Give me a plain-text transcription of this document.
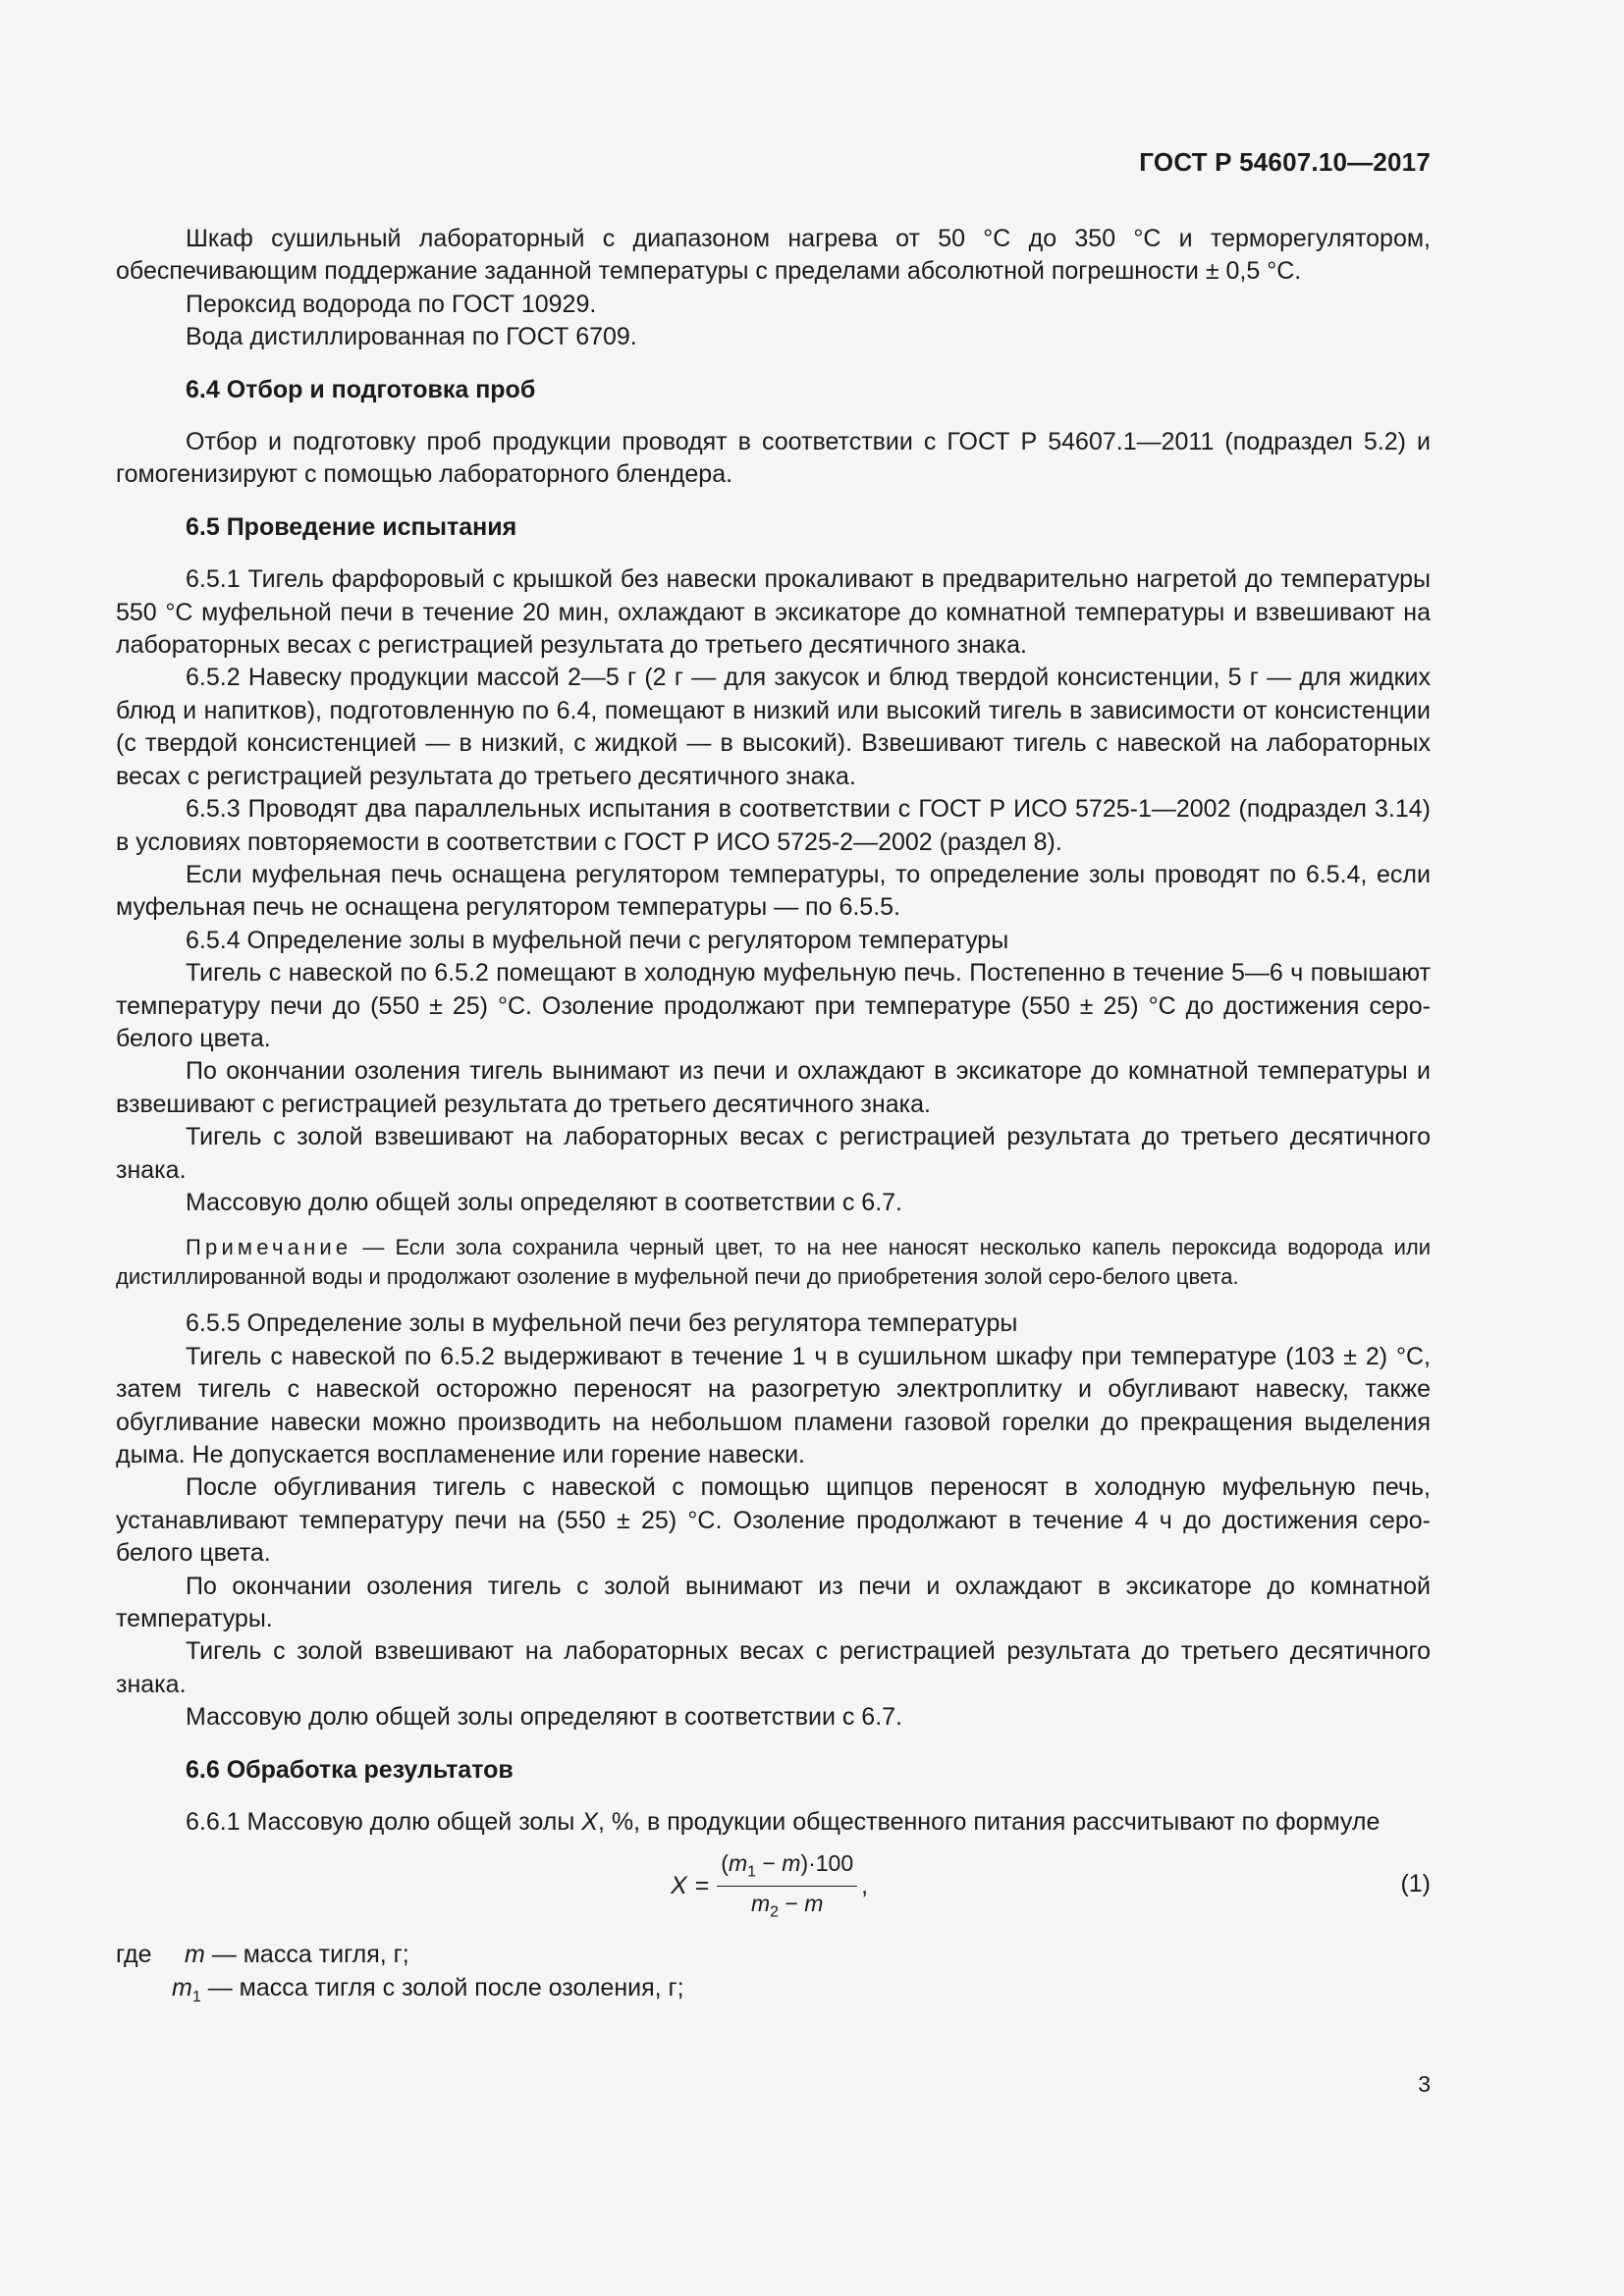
ГОСТ Р 54607.10—2017

Шкаф сушильный лабораторный с диапазоном нагрева от 50 °С до 350 °С и терморегулятором, обеспечивающим поддержание заданной температуры с пределами абсолютной погрешности ± 0,5 °С.

Пероксид водорода по ГОСТ 10929.

Вода дистиллированная по ГОСТ 6709.

6.4 Отбор и подготовка проб

Отбор и подготовку проб продукции проводят в соответствии с ГОСТ Р 54607.1—2011 (подраздел 5.2) и гомогенизируют с помощью лабораторного блендера.

6.5 Проведение испытания

6.5.1 Тигель фарфоровый с крышкой без навески прокаливают в предварительно нагретой до температуры 550 °С муфельной печи в течение 20 мин, охлаждают в эксикаторе до комнатной температуры и взвешивают на лабораторных весах с регистрацией результата до третьего десятичного знака.

6.5.2 Навеску продукции массой 2—5 г (2 г — для закусок и блюд твердой консистенции, 5 г — для жидких блюд и напитков), подготовленную по 6.4, помещают в низкий или высокий тигель в зависимости от консистенции (с твердой консистенцией — в низкий, с жидкой — в высокий). Взвешивают тигель с навеской на лабораторных весах с регистрацией результата до третьего десятичного знака.

6.5.3 Проводят два параллельных испытания в соответствии с ГОСТ Р ИСО 5725-1—2002 (подраздел 3.14) в условиях повторяемости в соответствии с ГОСТ Р ИСО 5725-2—2002 (раздел 8).

Если муфельная печь оснащена регулятором температуры, то определение золы проводят по 6.5.4, если муфельная печь не оснащена регулятором температуры — по 6.5.5.

6.5.4 Определение золы в муфельной печи с регулятором температуры

Тигель с навеской по 6.5.2 помещают в холодную муфельную печь. Постепенно в течение 5—6 ч повышают температуру печи до (550 ± 25) °С. Озоление продолжают при температуре (550 ± 25) °С до достижения серо-белого цвета.

По окончании озоления тигель вынимают из печи и охлаждают в эксикаторе до комнатной температуры и взвешивают с регистрацией результата до третьего десятичного знака.

Тигель с золой взвешивают на лабораторных весах с регистрацией результата до третьего десятичного знака.

Массовую долю общей золы определяют в соответствии с 6.7.

Примечание — Если зола сохранила черный цвет, то на нее наносят несколько капель пероксида водорода или дистиллированной воды и продолжают озоление в муфельной печи до приобретения золой серо-белого цвета.

6.5.5 Определение золы в муфельной печи без регулятора температуры

Тигель с навеской по 6.5.2 выдерживают в течение 1 ч в сушильном шкафу при температуре (103 ± 2) °С, затем тигель с навеской осторожно переносят на разогретую электроплитку и обугливают навеску, также обугливание навески можно производить на небольшом пламени газовой горелки до прекращения выделения дыма. Не допускается воспламенение или горение навески.

После обугливания тигель с навеской с помощью щипцов переносят в холодную муфельную печь, устанавливают температуру печи на (550 ± 25) °С. Озоление продолжают в течение 4 ч до достижения серо-белого цвета.

По окончании озоления тигель с золой вынимают из печи и охлаждают в эксикаторе до комнатной температуры.

Тигель с золой взвешивают на лабораторных весах с регистрацией результата до третьего десятичного знака.

Массовую долю общей золы определяют в соответствии с 6.7.

6.6 Обработка результатов

6.6.1 Массовую долю общей золы X, %, в продукции общественного питания рассчитывают по формуле

$X = \frac{(m_1 - m)\cdot 100}{m_2 - m}$ ,	(1)
где	m — масса тигля, г;
$m_1$ — масса тигля с золой после озоления, г;
3
